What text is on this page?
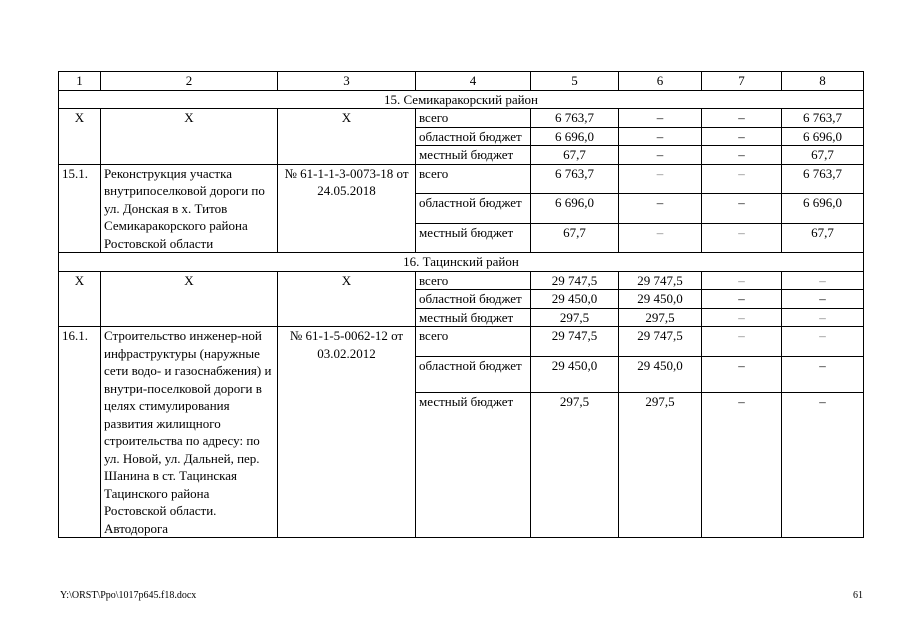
1	2	3	4	5	6	7	8
15. Семикаракорский район							
Х	Х	Х	всего	6 763,7	–	–	6 763,7
			областной бюджет	6 696,0	–	–	6 696,0
			местный бюджет	67,7	–	–	67,7
15.1.	Реконструкция участка внутрипоселковой дороги по ул. Донская в х. Титов Семикаракорского района Ростовской области	№ 61-1-1-3-0073-18 от 24.05.2018	всего	6 763,7	–	–	6 763,7
			областной бюджет	6 696,0	–	–	6 696,0
			местный бюджет	67,7	–	–	67,7
16. Тацинский район							
Х	Х	Х	всего	29 747,5	29 747,5	–	–
			областной бюджет	29 450,0	29 450,0	–	–
			местный бюджет	297,5	297,5	–	–
16.1.	Строительство инженер-ной инфраструктуры (наружные сети водо- и газоснабжения) и внутри-поселковой дороги в целях стимулирования развития жилищного строительства по адресу: по ул. Новой, ул. Дальней, пер. Шанина в ст. Тацинская Тацинского района Ростовской области. Автодорога	№ 61-1-5-0062-12 от 03.02.2012	всего	29 747,5	29 747,5	–	–
			областной бюджет	29 450,0	29 450,0	–	–
			местный бюджет	297,5	297,5	–	–
Y:\ORST\Ppo\1017p645.f18.docx	61
